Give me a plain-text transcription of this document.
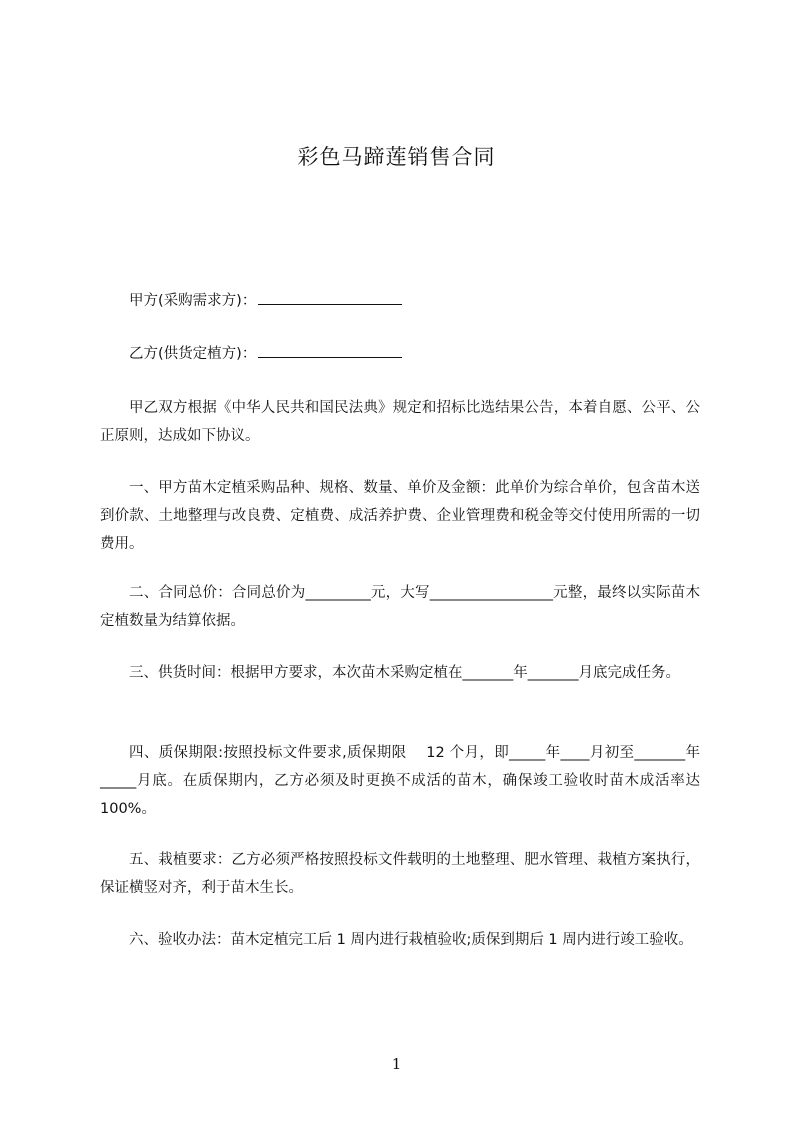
彩色马蹄莲销售合同

甲方(采购需求方)：

乙方(供货定植方)：

甲乙双方根据《中华人民共和国民法典》规定和招标比选结果公告，本着自愿、公平、公正原则，达成如下协议。

一、甲方苗木定植采购品种、规格、数量、单价及金额：此单价为综合单价，包含苗木送到价款、土地整理与改良费、定植费、成活养护费、企业管理费和税金等交付使用所需的一切费用。

二、合同总价：合同总价为_________元，大写_________________元整，最终以实际苗木定植数量为结算依据。

三、供货时间：根据甲方要求，本次苗木采购定植在_______年_______月底完成任务。

四、质保期限:按照投标文件要求,质保期限　 12 个月，即_____年____月初至_______年_____月底。在质保期内，乙方必须及时更换不成活的苗木，确保竣工验收时苗木成活率达 100%。

五、栽植要求：乙方必须严格按照投标文件载明的土地整理、肥水管理、栽植方案执行，保证横竖对齐，利于苗木生长。

六、验收办法：苗木定植完工后 1 周内进行栽植验收;质保到期后 1 周内进行竣工验收。

1
